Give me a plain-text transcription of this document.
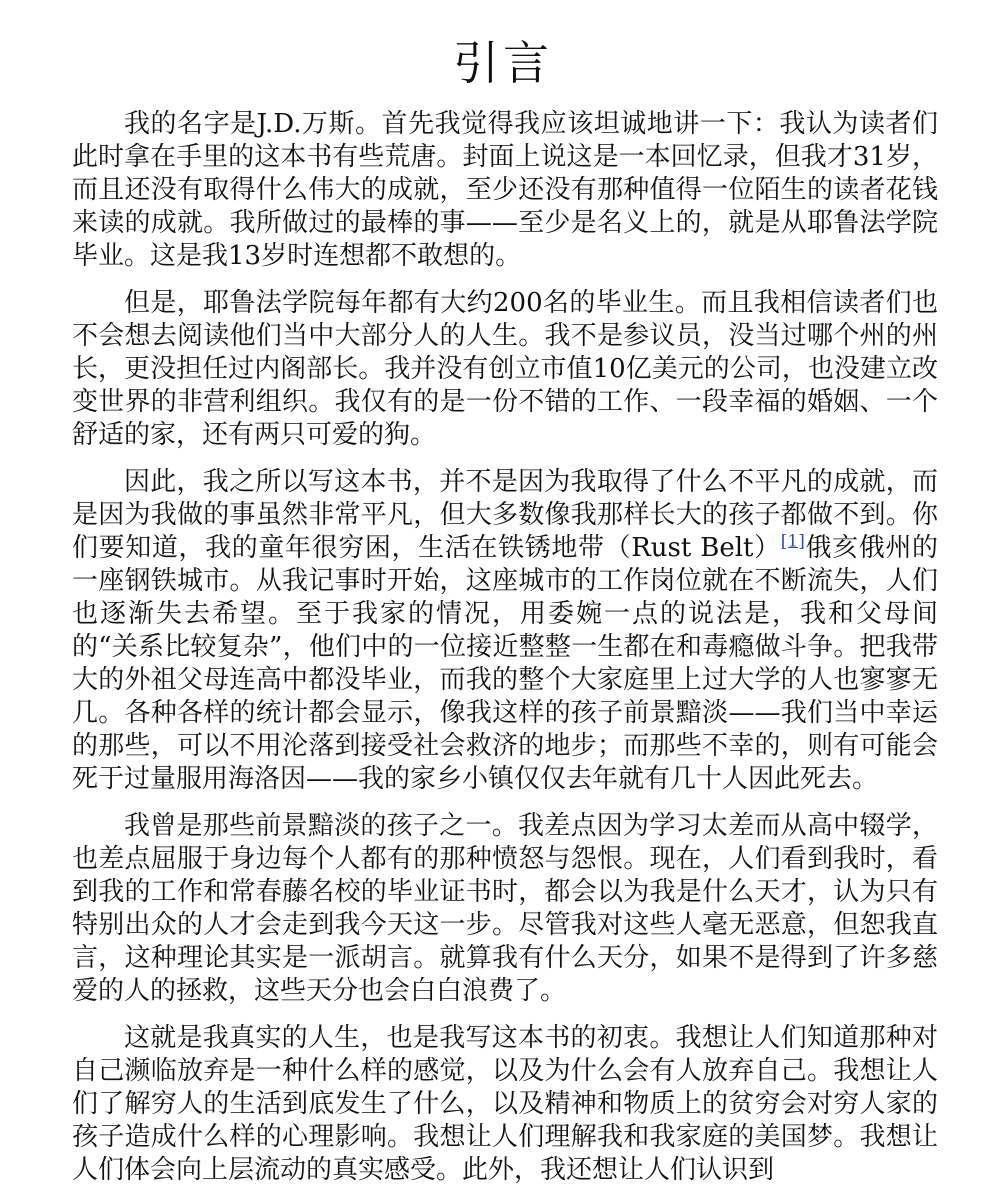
引言

我的名字是J.D.万斯。首先我觉得我应该坦诚地讲一下：我认为读者们此时拿在手里的这本书有些荒唐。封面上说这是一本回忆录，但我才31岁，而且还没有取得什么伟大的成就，至少还没有那种值得一位陌生的读者花钱来读的成就。我所做过的最棒的事——至少是名义上的，就是从耶鲁法学院毕业。这是我13岁时连想都不敢想的。

但是，耶鲁法学院每年都有大约200名的毕业生。而且我相信读者们也不会想去阅读他们当中大部分人的人生。我不是参议员，没当过哪个州的州长，更没担任过内阁部长。我并没有创立市值10亿美元的公司，也没建立改变世界的非营利组织。我仅有的是一份不错的工作、一段幸福的婚姻、一个舒适的家，还有两只可爱的狗。

因此，我之所以写这本书，并不是因为我取得了什么不平凡的成就，而是因为我做的事虽然非常平凡，但大多数像我那样长大的孩子都做不到。你们要知道，我的童年很穷困，生活在铁锈地带（Rust Belt）[1]俄亥俄州的一座钢铁城市。从我记事时开始，这座城市的工作岗位就在不断流失，人们也逐渐失去希望。至于我家的情况，用委婉一点的说法是，我和父母间的“关系比较复杂”，他们中的一位接近整整一生都在和毒瘾做斗争。把我带大的外祖父母连高中都没毕业，而我的整个大家庭里上过大学的人也寥寥无几。各种各样的统计都会显示，像我这样的孩子前景黯淡——我们当中幸运的那些，可以不用沦落到接受社会救济的地步；而那些不幸的，则有可能会死于过量服用海洛因——我的家乡小镇仅仅去年就有几十人因此死去。

我曾是那些前景黯淡的孩子之一。我差点因为学习太差而从高中辍学，也差点屈服于身边每个人都有的那种愤怒与怨恨。现在，人们看到我时，看到我的工作和常春藤名校的毕业证书时，都会以为我是什么天才，认为只有特别出众的人才会走到我今天这一步。尽管我对这些人毫无恶意，但恕我直言，这种理论其实是一派胡言。就算我有什么天分，如果不是得到了许多慈爱的人的拯救，这些天分也会白白浪费了。

这就是我真实的人生，也是我写这本书的初衷。我想让人们知道那种对自己濒临放弃是一种什么样的感觉，以及为什么会有人放弃自己。我想让人们了解穷人的生活到底发生了什么，以及精神和物质上的贫穷会对穷人家的孩子造成什么样的心理影响。我想让人们理解我和我家庭的美国梦。我想让人们体会向上层流动的真实感受。此外，我还想让人们认识到
